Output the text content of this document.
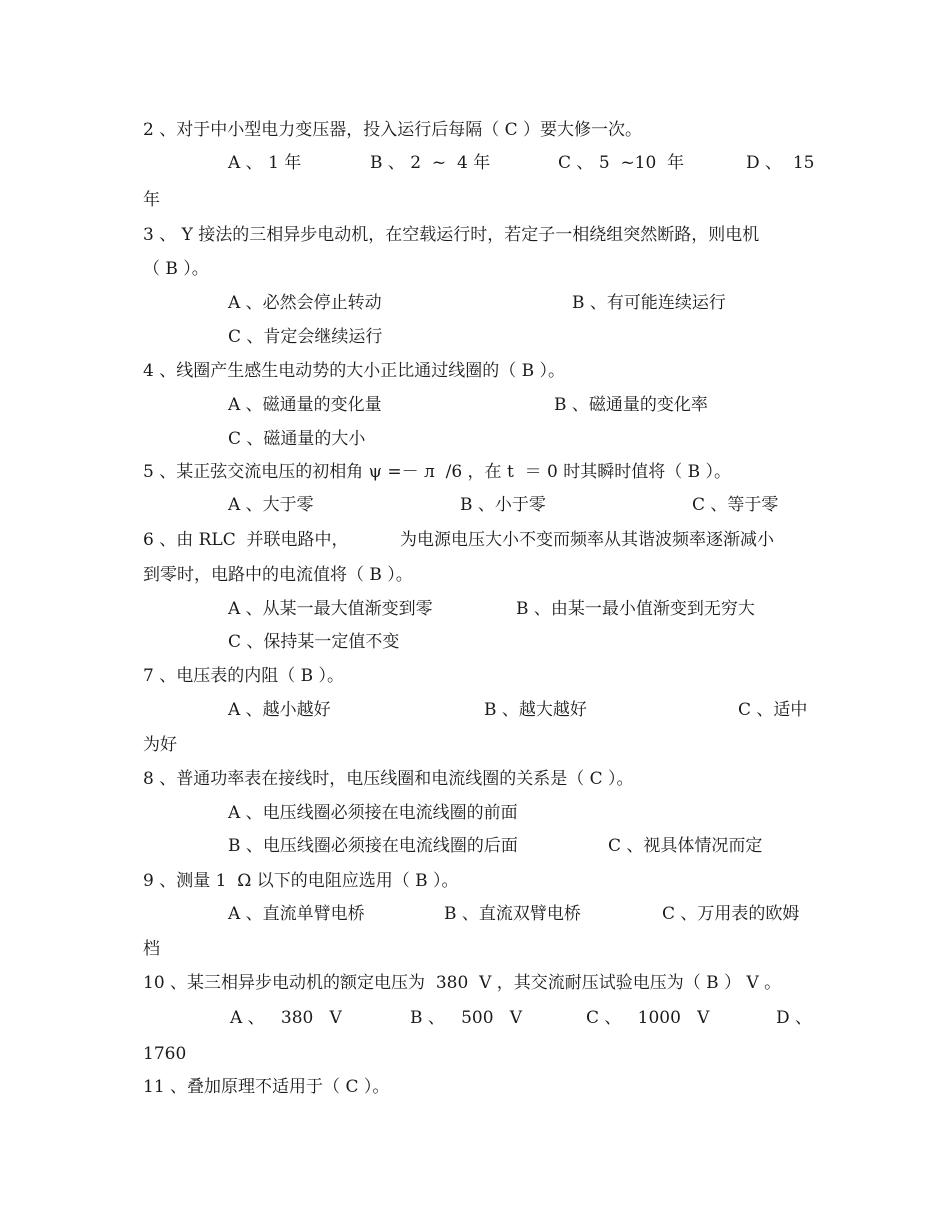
2 、对于中小型电力变压器，投入运行后每隔（ C ）要大修一次。
A 、 1 年	B 、 2  ~  4 年	C 、 5  ~10  年	D 、  15
年
3 、 Y 接法的三相异步电动机，在空载运行时，若定子一相绕组突然断路，则电机
（ B ）。
A 、必然会停止转动	B 、有可能连续运行
C 、肯定会继续运行
4 、线圈产生感生电动势的大小正比通过线圈的（ B ）。
A 、磁通量的变化量	B 、磁通量的变化率
C 、磁通量的大小
5 、某正弦交流电压的初相角 ψ =－ л  /6 ，在 t  ＝ 0 时其瞬时值将（ B ）。
A 、大于零	B 、小于零	C 、等于零
6 、由 RLC  并联电路中，	为电源电压大小不变而频率从其谐波频率逐渐减小
到零时，电路中的电流值将（ B ）。
A 、从某一最大值渐变到零	B 、由某一最小值渐变到无穷大
C 、保持某一定值不变
7 、电压表的内阻（ B ）。
A 、越小越好	B 、越大越好	C 、适中
为好
8 、普通功率表在接线时，电压线圈和电流线圈的关系是（ C ）。
A 、电压线圈必须接在电流线圈的前面
B 、电压线圈必须接在电流线圈的后面	C 、视具体情况而定
9 、测量 1  Ω 以下的电阻应选用（ B ）。
A 、直流单臂电桥	B 、直流双臂电桥	C 、万用表的欧姆
档
10 、某三相异步电动机的额定电压为  380  V ，其交流耐压试验电压为（ B ） V 。
A 、   380   V	B 、   500   V	C 、   1000   V	D 、
1760
11 、叠加原理不适用于（ C ）。
